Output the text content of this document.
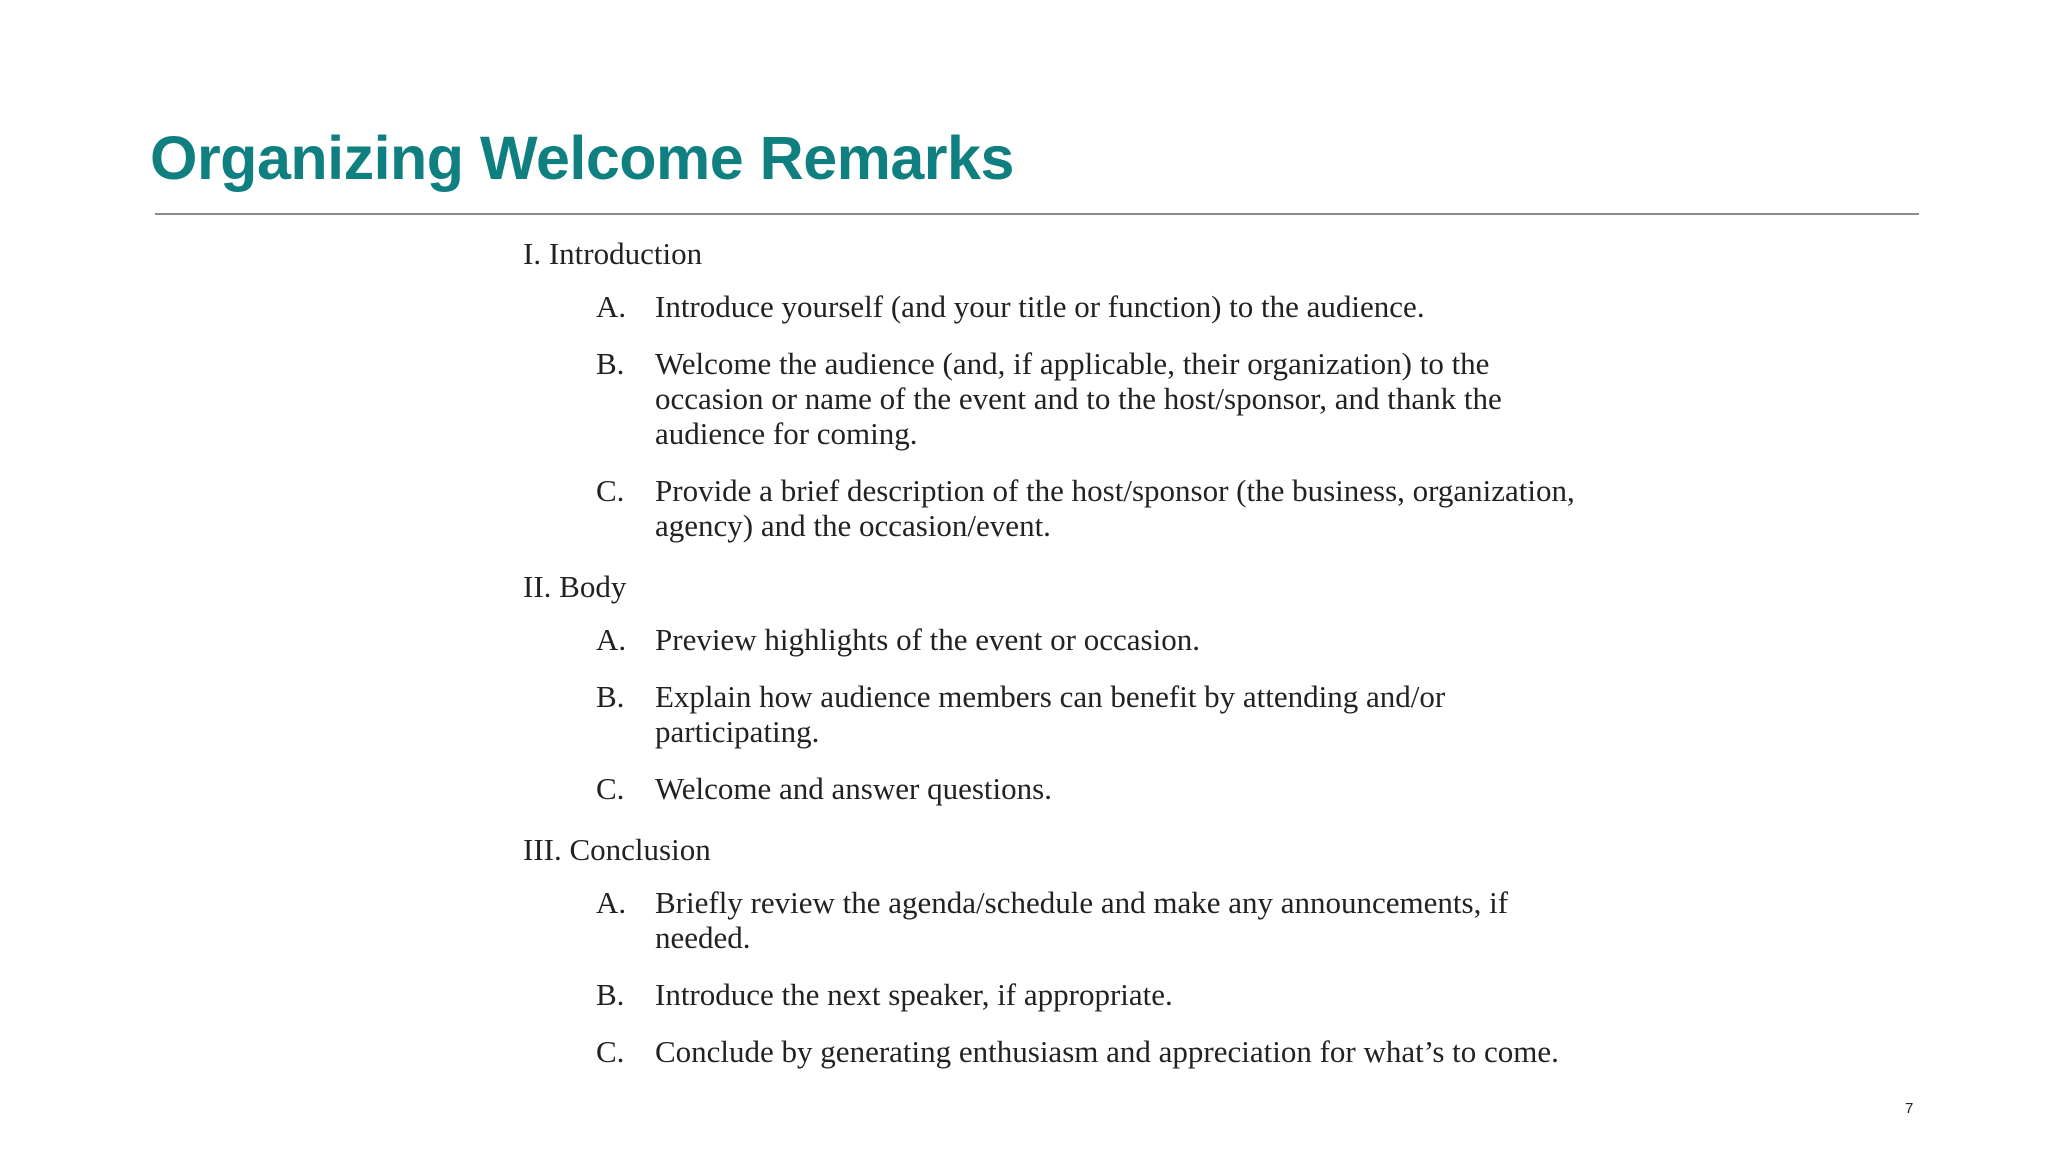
Organizing Welcome Remarks
I. Introduction
A. Introduce yourself (and your title or function) to the audience.
B. Welcome the audience (and, if applicable, their organization) to the occasion or name of the event and to the host/sponsor, and thank the audience for coming.
C. Provide a brief description of the host/sponsor (the business, organization, agency) and the occasion/event.
II. Body
A. Preview highlights of the event or occasion.
B. Explain how audience members can benefit by attending and/or participating.
C. Welcome and answer questions.
III. Conclusion
A. Briefly review the agenda/schedule and make any announcements, if needed.
B. Introduce the next speaker, if appropriate.
C. Conclude by generating enthusiasm and appreciation for what’s to come.
7
